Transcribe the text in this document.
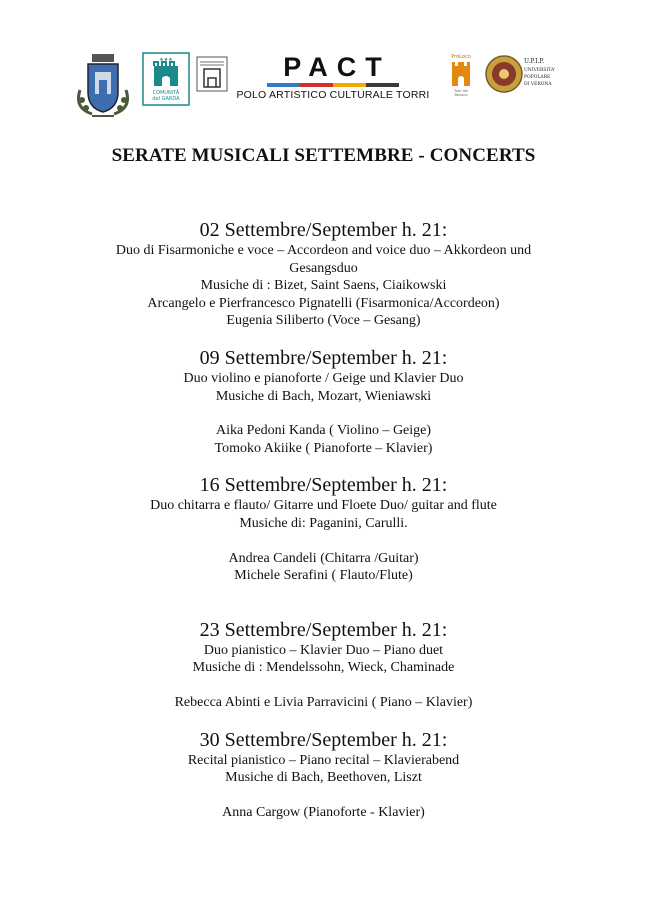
★★★
COMUNITÀ
del GARDA
PACT
POLO ARTISTICO CULTURALE TORRI
ProLoco
Torri del
Benaco
U.P.I.P.
UNIVERSITA'
POPOLARE
DI VERONA
SERATE MUSICALI SETTEMBRE - CONCERTS
02 Settembre/September h. 21:

Duo di Fisarmoniche e voce – Accordeon and voice duo – Akkordeon und

Gesangsduo

Musiche di : Bizet, Saint Saens, Ciaikowski

Arcangelo e Pierfrancesco Pignatelli (Fisarmonica/Accordeon)

Eugenia Siliberto (Voce – Gesang)

09 Settembre/September h. 21:

Duo violino e pianoforte / Geige und Klavier Duo

Musiche di Bach, Mozart, Wieniawski

Aika Pedoni Kanda ( Violino – Geige)

Tomoko Akiike ( Pianoforte – Klavier)

16 Settembre/September h. 21:

Duo chitarra e flauto/ Gitarre und Floete Duo/ guitar and flute

Musiche di: Paganini, Carulli.

Andrea Candeli (Chitarra /Guitar)

Michele Serafini ( Flauto/Flute)

23 Settembre/September h. 21:

Duo pianistico – Klavier Duo – Piano duet

Musiche di : Mendelssohn, Wieck, Chaminade

Rebecca Abinti e Livia Parravicini ( Piano – Klavier)

30 Settembre/September h. 21:

Recital pianistico – Piano recital – Klavierabend

Musiche di Bach, Beethoven, Liszt

Anna Cargow (Pianoforte - Klavier)
